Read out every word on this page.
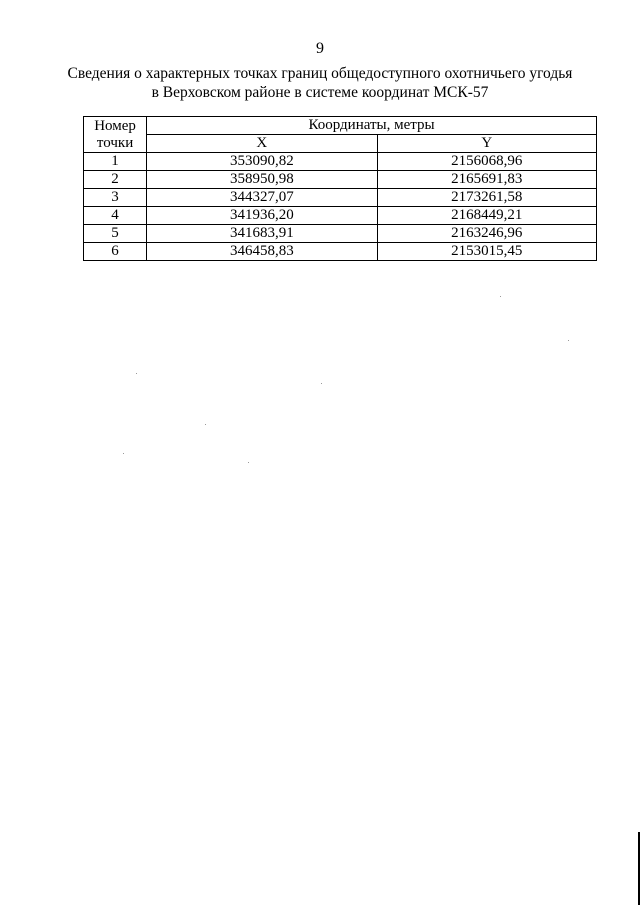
9
Сведения о характерных точках границ общедоступного охотничьего угодья
в Верховском районе в системе координат МСК-57
Номер
точки	Координаты, метры	
	X	Y
1	353090,82	2156068,96
2	358950,98	2165691,83
3	344327,07	2173261,58
4	341936,20	2168449,21
5	341683,91	2163246,96
6	346458,83	2153015,45
